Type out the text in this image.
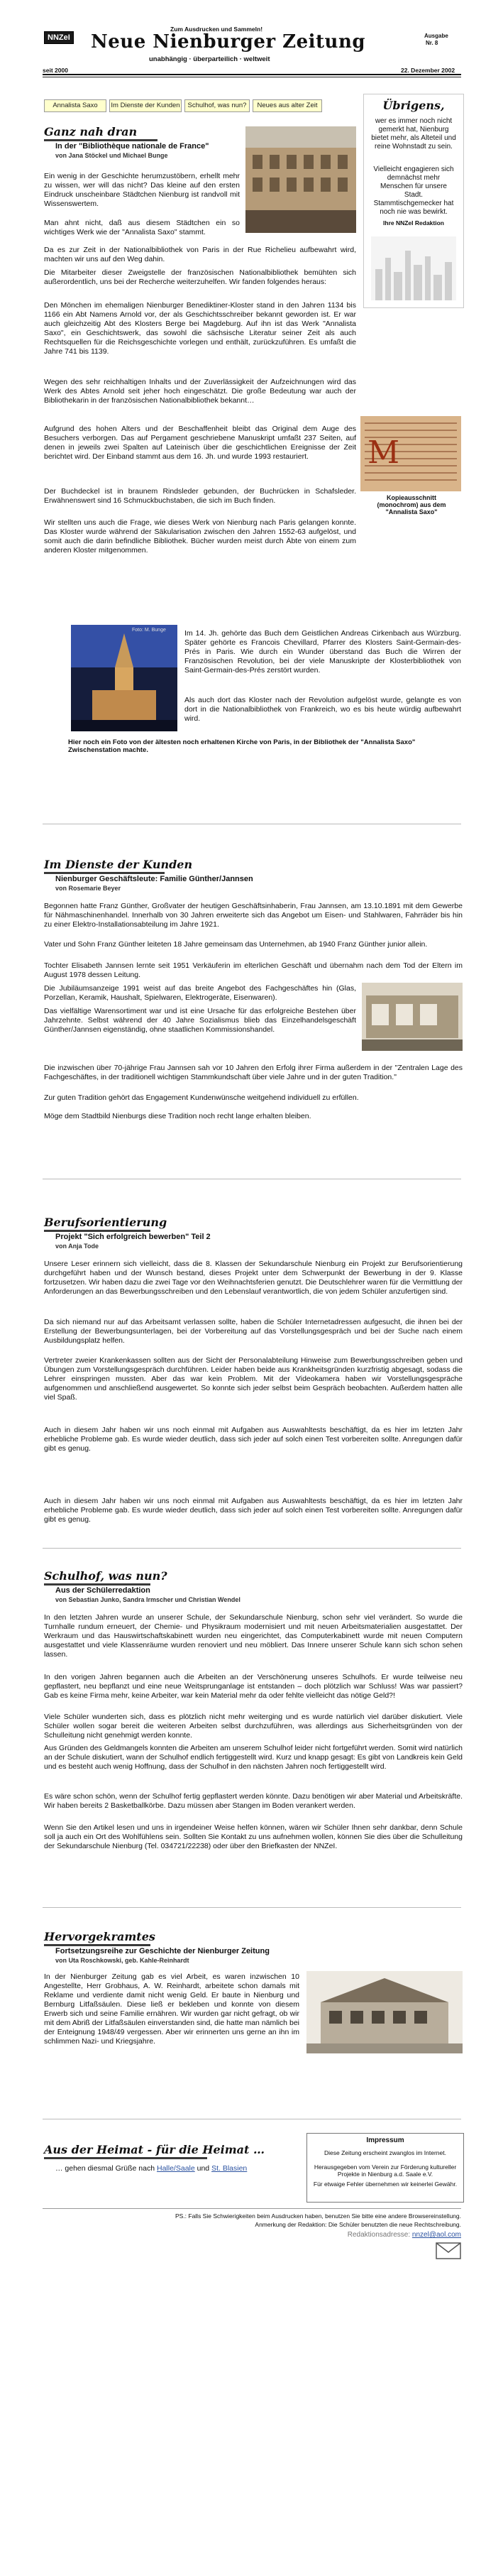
NNZeI
Zum Ausdrucken und Sammeln!
Neue Nienburger Zeitung	Ausgabe
Nr. 8
unabhängig · überparteilich · weltweit
seit 2000	22. Dezember 2002
Annalista Saxo	Im Dienste der Kunden	Schulhof, was nun?	Neues aus alter Zeit	Übrigens,
wer es immer noch nicht gemerkt hat, Nienburg bietet mehr, als Alteteil und reine Wohnstadt zu sein.
Vielleicht engagieren sich demnächst mehr Menschen für unsere Stadt. Stammtischgemecker hat noch nie was bewirkt.
Ihre NNZeI Redaktion
Ganz nah dran
In der "Bibliothèque nationale de France"
von Jana Stöckel und Michael Bunge
Ein wenig in der Geschichte herumzustöbern, erhellt mehr zu wissen, wer will das nicht? Das kleine auf den ersten Eindruck unscheinbare Städtchen Nienburg ist randvoll mit Wissenswertem.
Man ahnt nicht, daß aus diesem Städtchen ein so wichtiges Werk wie der "Annalista Saxo" stammt.
Da es zur Zeit in der Nationalbibliothek von Paris in der Rue Richelieu aufbewahrt wird, machten wir uns auf den Weg dahin.
Die Mitarbeiter dieser Zweigstelle der französischen Nationalbibliothek bemühten sich außerordentlich, uns bei der Recherche weiterzuhelfen. Wir fanden folgendes heraus:
Den Mönchen im ehemaligen Nienburger Benediktiner-Kloster stand in den Jahren 1134 bis 1166 ein Abt Namens Arnold vor, der als Geschichtsschreiber bekannt geworden ist. Er war auch gleichzeitig Abt des Klosters Berge bei Magdeburg. Auf ihn ist das Werk "Annalista Saxo", ein Geschichtswerk, das sowohl die sächsische Literatur seiner Zeit als auch Rechtsquellen für die Reichsgeschichte vorlegen und enthält, zurückzuführen. Es umfaßt die Jahre 741 bis 1139.
Wegen des sehr reichhaltigen Inhalts und der Zuverlässigkeit der Aufzeichnungen wird das Werk des Abtes Arnold seit jeher hoch eingeschätzt. Die große Bedeutung war auch der Bibliothekarin in der französischen Nationalbibliothek bekannt…
M
Kopieausschnitt (monochrom) aus dem "Annalista Saxo"
Aufgrund des hohen Alters und der Beschaffenheit bleibt das Original dem Auge des Besuchers verborgen. Das auf Pergament geschriebene Manuskript umfaßt 237 Seiten, auf denen in jeweils zwei Spalten auf Lateinisch über die geschichtlichen Ereignisse der Zeit berichtet wird. Der Einband stammt aus dem 16. Jh. und wurde 1993 restauriert.
Der Buchdeckel ist in braunem Rindsleder gebunden, der Buchrücken in Schafsleder. Erwähnenswert sind 16 Schmuckbuchstaben, die sich im Buch finden.
Wir stellten uns auch die Frage, wie dieses Werk von Nienburg nach Paris gelangen konnte. Das Kloster wurde während der Säkularisation zwischen den Jahren 1552-63 aufgelöst, und somit auch die darin befindliche Bibliothek. Bücher wurden meist durch Äbte von einem zum anderen Kloster mitgenommen.
Foto: M. Bunge Im 14. Jh. gehörte das Buch dem Geistlichen Andreas Cirkenbach aus Würzburg. Später gehörte es Francois Chevillard, Pfarrer des Klosters Saint-Germain-des-Prés in Paris. Wie durch ein Wunder überstand das Buch die Wirren der Französischen Revolution, bei der viele Manuskripte der Klosterbibliothek von Saint-Germain-des-Prés zerstört wurden.
Als auch dort das Kloster nach der Revolution aufgelöst wurde, gelangte es von dort in die Nationalbibliothek von Frankreich, wo es bis heute würdig aufbewahrt wird.
Hier noch ein Foto von der ältesten noch erhaltenen Kirche von Paris, in der Bibliothek der "Annalista Saxo" Zwischenstation machte.
Im Dienste der Kunden
Nienburger Geschäftsleute: Familie Günther/Jannsen
von Rosemarie Beyer
Begonnen hatte Franz Günther, Großvater der heutigen Geschäftsinhaberin, Frau Jannsen, am 13.10.1891 mit dem Gewerbe für Nähmaschinenhandel. Innerhalb von 30 Jahren erweiterte sich das Angebot um Eisen- und Stahlwaren, Fahrräder bis hin zu einer Elektro-Installationsabteilung im Jahre 1921.
Vater und Sohn Franz Günther leiteten 18 Jahre gemeinsam das Unternehmen, ab 1940 Franz Günther junior allein.
Tochter Elisabeth Jannsen lernte seit 1951 Verkäuferin im elterlichen Geschäft und übernahm nach dem Tod der Eltern im August 1978 dessen Leitung.
Die Jubiläumsanzeige 1991 weist auf das breite Angebot des Fachgeschäftes hin (Glas, Porzellan, Keramik, Haushalt, Spielwaren, Elektrogeräte, Eisenwaren).
Das vielfältige Warensortiment war und ist eine Ursache für das erfolgreiche Bestehen über Jahrzehnte. Selbst während der 40 Jahre Sozialismus blieb das Einzelhandelsgeschäft Günther/Jannsen eigenständig, ohne staatlichen Kommissionshandel.
Die inzwischen über 70-jährige Frau Jannsen sah vor 10 Jahren den Erfolg ihrer Firma außerdem in der "Zentralen Lage des Fachgeschäftes, in der traditionell wichtigen Stammkundschaft über viele Jahre und in der guten Tradition."
Zur guten Tradition gehört das Engagement Kundenwünsche weitgehend individuell zu erfüllen.
Möge dem Stadtbild Nienburgs diese Tradition noch recht lange erhalten bleiben.
Berufsorientierung
Projekt "Sich erfolgreich bewerben" Teil 2
von Anja Tode
Unsere Leser erinnern sich vielleicht, dass die 8. Klassen der Sekundarschule Nienburg ein Projekt zur Berufsorientierung durchgeführt haben und der Wunsch bestand, dieses Projekt unter dem Schwerpunkt der Bewerbung in der 9. Klasse fortzusetzen. Wir haben dazu die zwei Tage vor den Weihnachtsferien genutzt. Die Deutschlehrer waren für die Vermittlung der Anforderungen an das Bewerbungsschreiben und den Lebenslauf verantwortlich, die von jedem Schüler anzufertigen sind.
Da sich niemand nur auf das Arbeitsamt verlassen sollte, haben die Schüler Internetadressen aufgesucht, die ihnen bei der Erstellung der Bewerbungsunterlagen, bei der Vorbereitung auf das Vorstellungsgespräch und bei der Suche nach einem Ausbildungsplatz helfen.
Vertreter zweier Krankenkassen sollten aus der Sicht der Personalabteilung Hinweise zum Bewerbungsschreiben geben und Übungen zum Vorstellungsgespräch durchführen. Leider haben beide aus Krankheitsgründen kurzfristig abgesagt, sodass die Lehrer einspringen mussten. Aber das war kein Problem. Mit der Videokamera haben wir Vorstellungsgespräche aufgenommen und anschließend ausgewertet. So konnte sich jeder selbst beim Gespräch beobachten. Außerdem hatten alle viel Spaß.
Auch in diesem Jahr haben wir uns noch einmal mit Aufgaben aus Auswahltests beschäftigt, da es hier im letzten Jahr erhebliche Probleme gab. Es wurde wieder deutlich, dass sich jeder auf solch einen Test vorbereiten sollte. Anregungen dafür gibt es genug.
Auch in diesem Jahr haben wir uns noch einmal mit Aufgaben aus Auswahltests beschäftigt, da es hier im letzten Jahr erhebliche Probleme gab. Es wurde wieder deutlich, dass sich jeder auf solch einen Test vorbereiten sollte. Anregungen dafür gibt es genug.
Schulhof, was nun?
Aus der Schülerredaktion
von Sebastian Junko, Sandra Irmscher und Christian Wendel
In den letzten Jahren wurde an unserer Schule, der Sekundarschule Nienburg, schon sehr viel verändert. So wurde die Turnhalle rundum erneuert, der Chemie- und Physikraum modernisiert und mit neuen Arbeitsmaterialien ausgestattet. Der Werkraum und das Hauswirtschaftskabinett wurden neu eingerichtet, das Computerkabinett wurde mit neuen Computern ausgestattet und viele Klassenräume wurden renoviert und neu möbliert. Das Innere unserer Schule kann sich schon sehen lassen.
In den vorigen Jahren begannen auch die Arbeiten an der Verschönerung unseres Schulhofs. Er wurde teilweise neu gepflastert, neu bepflanzt und eine neue Weitsprunganlage ist entstanden – doch plötzlich war Schluss! Was war passiert? Gab es keine Firma mehr, keine Arbeiter, war kein Material mehr da oder fehlte vielleicht das nötige Geld?!
Viele Schüler wunderten sich, dass es plötzlich nicht mehr weiterging und es wurde natürlich viel darüber diskutiert. Viele Schüler wollen sogar bereit die weiteren Arbeiten selbst durchzuführen, was allerdings aus Sicherheitsgründen von der Schulleitung nicht genehmigt werden konnte.
Aus Gründen des Geldmangels konnten die Arbeiten am unserem Schulhof leider nicht fortgeführt werden. Somit wird natürlich an der Schule diskutiert, wann der Schulhof endlich fertiggestellt wird. Kurz und knapp gesagt: Es gibt von Landkreis kein Geld und es besteht auch wenig Hoffnung, dass der Schulhof in den nächsten Jahren noch fertiggestellt wird.
Es wäre schon schön, wenn der Schulhof fertig gepflastert werden könnte. Dazu benötigen wir aber Material und Arbeitskräfte. Wir haben bereits 2 Basketballkörbe. Dazu müssen aber Stangen im Boden verankert werden.
Wenn Sie den Artikel lesen und uns in irgendeiner Weise helfen können, wären wir Schüler Ihnen sehr dankbar, denn Schule soll ja auch ein Ort des Wohlfühlens sein. Sollten Sie Kontakt zu uns aufnehmen wollen, können Sie dies über die Schulleitung der Sekundarschule Nienburg (Tel. 034721/22238) oder über den Briefkasten der NNZeI.
Hervorgekramtes
Fortsetzungsreihe zur Geschichte der Nienburger Zeitung
von Uta Roschkowski, geb. Kahle-Reinhardt
In der Nienburger Zeitung gab es viel Arbeit, es waren inzwischen 10 Angestellte, Herr Grobhaus, A. W. Reinhardt, arbeitete schon damals mit Reklame und verdiente damit nicht wenig Geld. Er baute in Nienburg und Bernburg Litfaßsäulen. Diese ließ er bekleben und konnte von diesem Erwerb sich und seine Familie ernähren. Wir wurden gar nicht gefragt, ob wir mit dem Abriß der Litfaßsäulen einverstanden sind, die hatte man nämlich bei der Enteignung 1948/49 vergessen. Aber wir erinnerten uns gerne an ihn im schlimmen Nazi- und Kriegsjahre.
Aus der Heimat - für die Heimat …
… gehen diesmal Grüße nach Halle/Saale und St. Blasien
Impressum
Diese Zeitung erscheint zwanglos im Internet.
Herausgegeben vom Verein zur Förderung kultureller Projekte in Nienburg a.d. Saale e.V.
Für etwaige Fehler übernehmen wir keinerlei Gewähr.
PS.: Falls Sie Schwierigkeiten beim Ausdrucken haben, benutzen Sie bitte eine andere Browsereinstellung.
Anmerkung der Redaktion: Die Schüler benutzten die neue Rechtschreibung.
Redaktionsadresse: nnzel@aol.com
